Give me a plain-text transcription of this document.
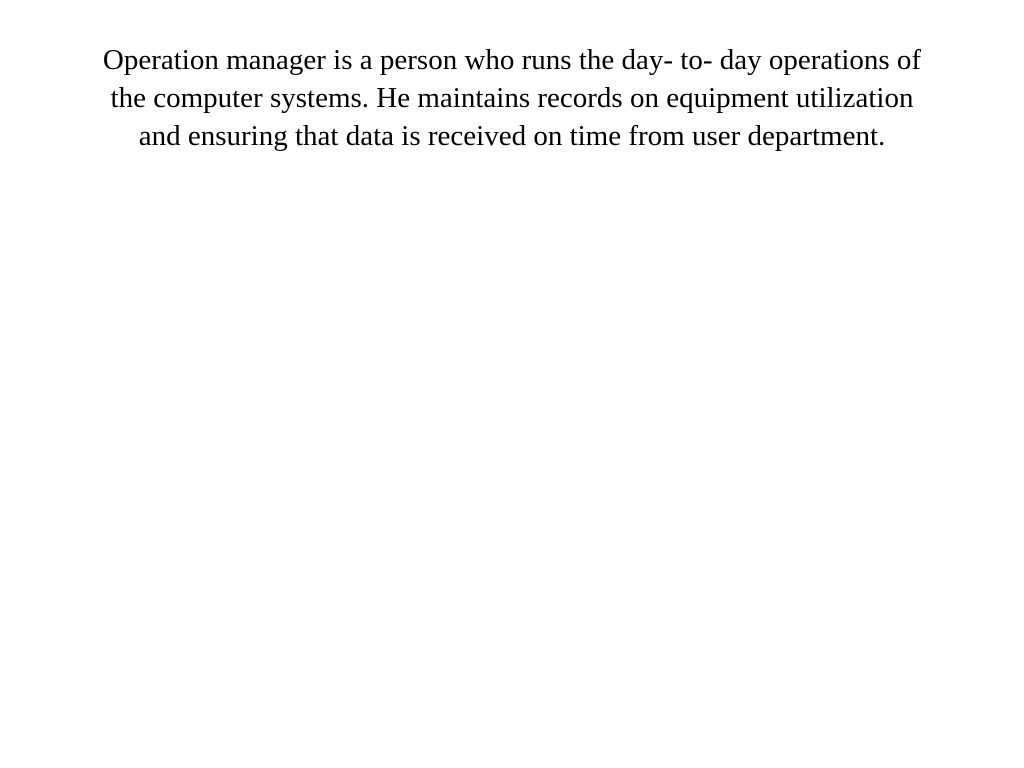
Operation manager is a person who runs the day- to- day operations of
the computer systems. He maintains records on equipment utilization
and ensuring that data is received on time from user department.
